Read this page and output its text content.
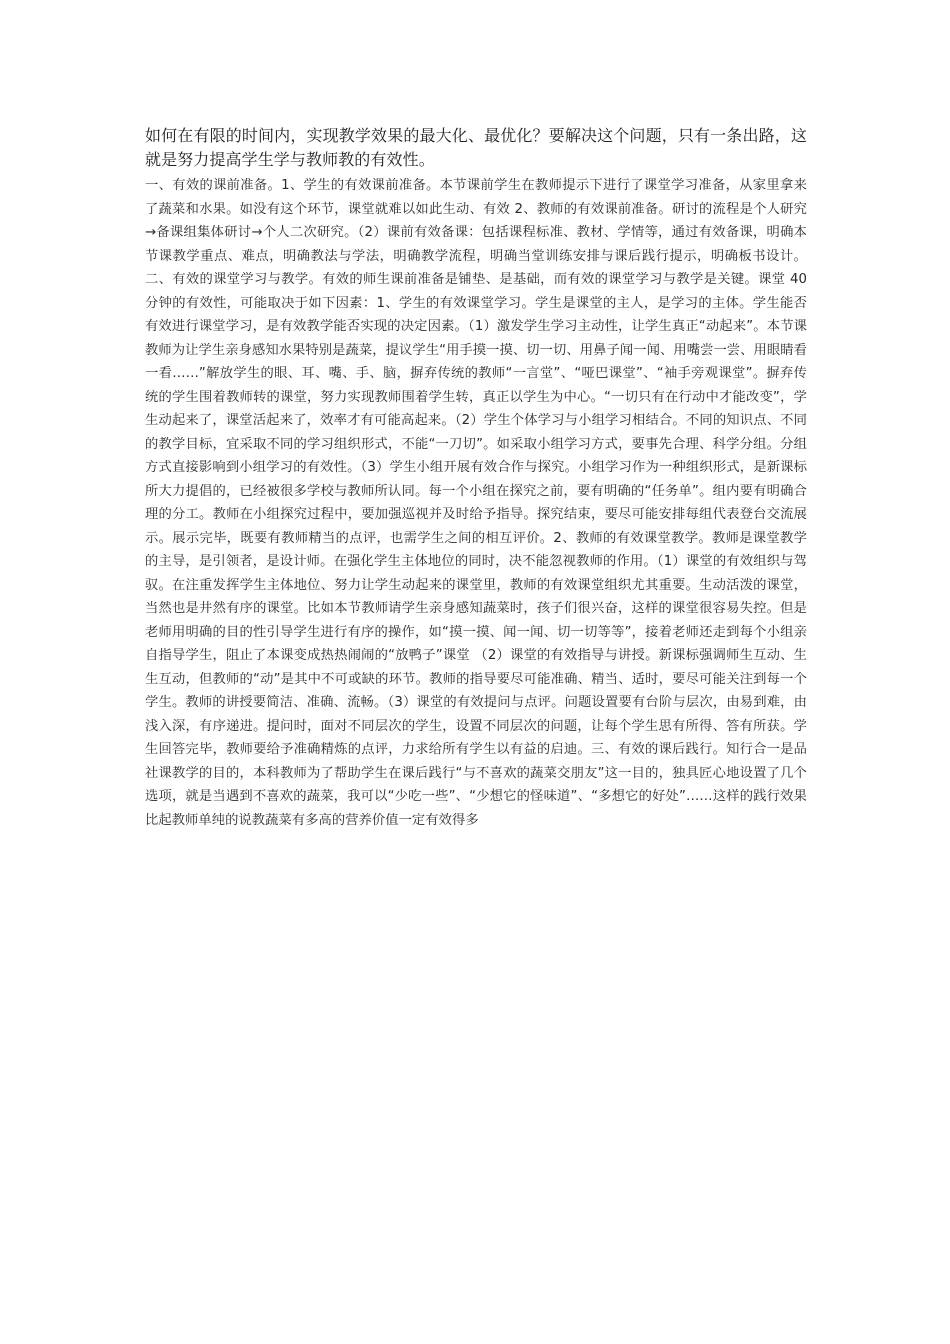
如何在有限的时间内，实现教学效果的最大化、最优化？要解决这个问题，只有一条出路，这就是努力提高学生学与教师教的有效性。

一、有效的课前准备。1、学生的有效课前准备。本节课前学生在教师提示下进行了课堂学习准备，从家里拿来了蔬菜和水果。如没有这个环节，课堂就难以如此生动、有效 2、教师的有效课前准备。研讨的流程是个人研究→备课组集体研讨→个人二次研究。（2）课前有效备课：包括课程标准、教材、学情等，通过有效备课，明确本节课教学重点、难点，明确教法与学法，明确教学流程，明确当堂训练安排与课后践行提示，明确板书设计。二、有效的课堂学习与教学。有效的师生课前准备是铺垫、是基础，而有效的课堂学习与教学是关键。课堂 40 分钟的有效性，可能取决于如下因素：1、学生的有效课堂学习。学生是课堂的主人，是学习的主体。学生能否有效进行课堂学习，是有效教学能否实现的决定因素。（1）激发学生学习主动性，让学生真正“动起来”。本节课教师为让学生亲身感知水果特别是蔬菜，提议学生“用手摸一摸、切一切、用鼻子闻一闻、用嘴尝一尝、用眼睛看一看……”解放学生的眼、耳、嘴、手、脑，摒弃传统的教师“一言堂”、“哑巴课堂”、“袖手旁观课堂”。摒弃传统的学生围着教师转的课堂，努力实现教师围着学生转，真正以学生为中心。“一切只有在行动中才能改变”，学生动起来了，课堂活起来了，效率才有可能高起来。（2）学生个体学习与小组学习相结合。不同的知识点、不同的教学目标，宜采取不同的学习组织形式，不能“一刀切”。如采取小组学习方式，要事先合理、科学分组。分组方式直接影响到小组学习的有效性。（3）学生小组开展有效合作与探究。小组学习作为一种组织形式，是新课标所大力提倡的，已经被很多学校与教师所认同。每一个小组在探究之前，要有明确的“任务单”。组内要有明确合理的分工。教师在小组探究过程中，要加强巡视并及时给予指导。探究结束，要尽可能安排每组代表登台交流展示。展示完毕，既要有教师精当的点评，也需学生之间的相互评价。2、教师的有效课堂教学。教师是课堂教学的主导，是引领者，是设计师。在强化学生主体地位的同时，决不能忽视教师的作用。（1）课堂的有效组织与驾驭。在注重发挥学生主体地位、努力让学生动起来的课堂里，教师的有效课堂组织尤其重要。生动活泼的课堂，当然也是井然有序的课堂。比如本节教师请学生亲身感知蔬菜时，孩子们很兴奋，这样的课堂很容易失控。但是老师用明确的目的性引导学生进行有序的操作，如“摸一摸、闻一闻、切一切等等”，接着老师还走到每个小组亲自指导学生，阻止了本课变成热热闹闹的“放鸭子”课堂 （2）课堂的有效指导与讲授。新课标强调师生互动、生生互动，但教师的“动”是其中不可或缺的环节。教师的指导要尽可能准确、精当、适时，要尽可能关注到每一个学生。教师的讲授要简洁、准确、流畅。（3）课堂的有效提问与点评。问题设置要有台阶与层次，由易到难，由浅入深，有序递进。提问时，面对不同层次的学生，设置不同层次的问题，让每个学生思有所得、答有所获。学生回答完毕，教师要给予准确精炼的点评，力求给所有学生以有益的启迪。三、有效的课后践行。知行合一是品社课教学的目的，本科教师为了帮助学生在课后践行“与不喜欢的蔬菜交朋友”这一目的，独具匠心地设置了几个选项，就是当遇到不喜欢的蔬菜，我可以“少吃一些”、“少想它的怪味道”、“多想它的好处”……这样的践行效果比起教师单纯的说教蔬菜有多高的营养价值一定有效得多
